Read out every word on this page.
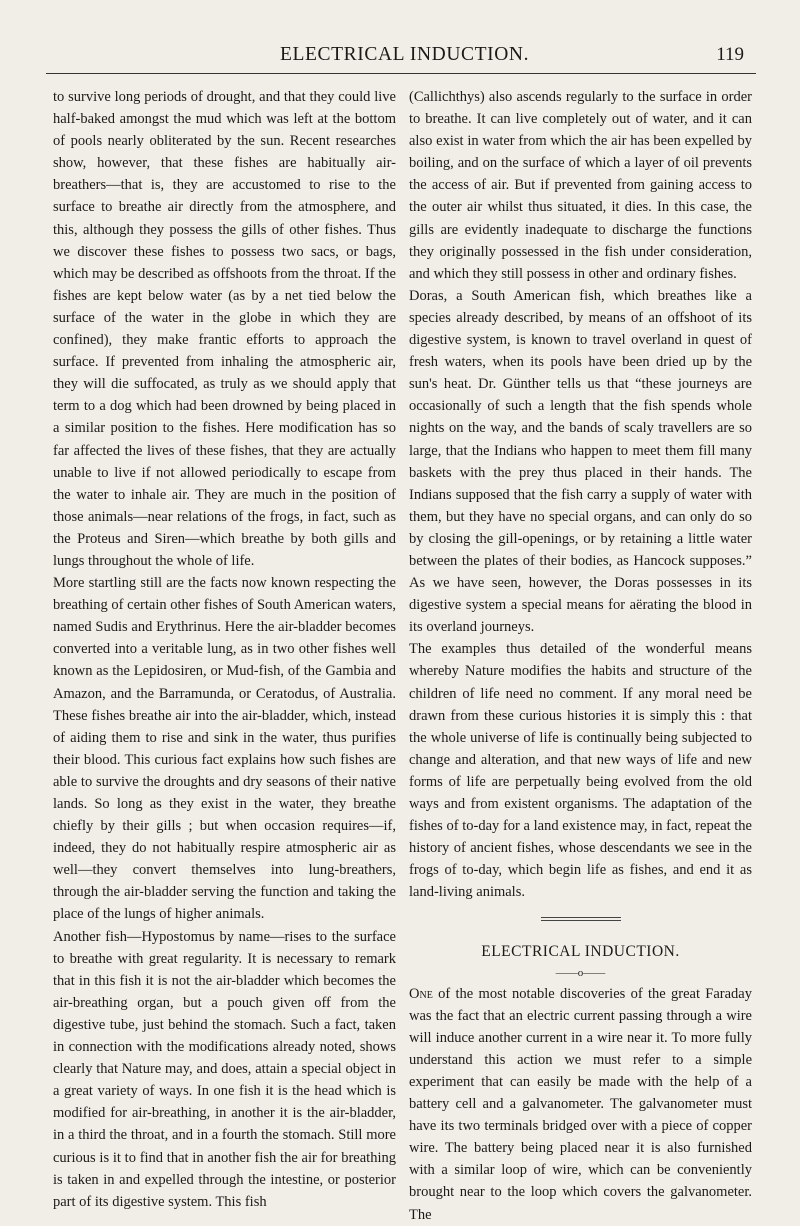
ELECTRICAL INDUCTION.	119

to survive long periods of drought, and that they could live half-baked amongst the mud which was left at the bottom of pools nearly obliterated by the sun. Recent researches show, however, that these fishes are habitually air-breathers—that is, they are accustomed to rise to the surface to breathe air directly from the atmosphere, and this, although they possess the gills of other fishes. Thus we discover these fishes to possess two sacs, or bags, which may be described as offshoots from the throat. If the fishes are kept below water (as by a net tied below the surface of the water in the globe in which they are confined), they make frantic efforts to approach the surface. If prevented from inhaling the atmospheric air, they will die suffocated, as truly as we should apply that term to a dog which had been drowned by being placed in a similar position to the fishes. Here modification has so far affected the lives of these fishes, that they are actually unable to live if not allowed periodically to escape from the water to inhale air. They are much in the position of those animals—near relations of the frogs, in fact, such as the Proteus and Siren—which breathe by both gills and lungs throughout the whole of life.

More startling still are the facts now known respecting the breathing of certain other fishes of South American waters, named Sudis and Erythrinus. Here the air-bladder becomes converted into a veritable lung, as in two other fishes well known as the Lepidosiren, or Mud-fish, of the Gambia and Amazon, and the Barramunda, or Ceratodus, of Australia. These fishes breathe air into the air-bladder, which, instead of aiding them to rise and sink in the water, thus purifies their blood. This curious fact explains how such fishes are able to survive the droughts and dry seasons of their native lands. So long as they exist in the water, they breathe chiefly by their gills ; but when occasion requires—if, indeed, they do not habitually respire atmospheric air as well—they convert themselves into lung-breathers, through the air-bladder serving the function and taking the place of the lungs of higher animals.

Another fish—Hypostomus by name—rises to the surface to breathe with great regularity. It is necessary to remark that in this fish it is not the air-bladder which becomes the air-breathing organ, but a pouch given off from the digestive tube, just behind the stomach. Such a fact, taken in connection with the modifications already noted, shows clearly that Nature may, and does, attain a special object in a great variety of ways. In one fish it is the head which is modified for air-breathing, in another it is the air-bladder, in a third the throat, and in a fourth the stomach. Still more curious is it to find that in another fish the air for breathing is taken in and expelled through the intestine, or posterior part of its digestive system. This fish

(Callichthys) also ascends regularly to the surface in order to breathe. It can live completely out of water, and it can also exist in water from which the air has been expelled by boiling, and on the surface of which a layer of oil prevents the access of air. But if prevented from gaining access to the outer air whilst thus situated, it dies. In this case, the gills are evidently inadequate to discharge the functions they originally possessed in the fish under consideration, and which they still possess in other and ordinary fishes.

Doras, a South American fish, which breathes like a species already described, by means of an offshoot of its digestive system, is known to travel overland in quest of fresh waters, when its pools have been dried up by the sun's heat. Dr. Günther tells us that “these journeys are occasionally of such a length that the fish spends whole nights on the way, and the bands of scaly travellers are so large, that the Indians who happen to meet them fill many baskets with the prey thus placed in their hands. The Indians supposed that the fish carry a supply of water with them, but they have no special organs, and can only do so by closing the gill-openings, or by retaining a little water between the plates of their bodies, as Hancock supposes.” As we have seen, however, the Doras possesses in its digestive system a special means for aërating the blood in its overland journeys.

The examples thus detailed of the wonderful means whereby Nature modifies the habits and structure of the children of life need no comment. If any moral need be drawn from these curious histories it is simply this : that the whole universe of life is continually being subjected to change and alteration, and that new ways of life and new forms of life are perpetually being evolved from the old ways and from existent organisms. The adaptation of the fishes of to-day for a land existence may, in fact, repeat the history of ancient fishes, whose descendants we see in the frogs of to-day, which begin life as fishes, and end it as land-living animals.

ELECTRICAL INDUCTION.
——o——

One of the most notable discoveries of the great Faraday was the fact that an electric current passing through a wire will induce another current in a wire near it. To more fully understand this action we must refer to a simple experiment that can easily be made with the help of a battery cell and a galvanometer. The galvanometer must have its two terminals bridged over with a piece of copper wire. The battery being placed near it is also furnished with a similar loop of wire, which can be conveniently brought near to the loop which covers the galvanometer. The
